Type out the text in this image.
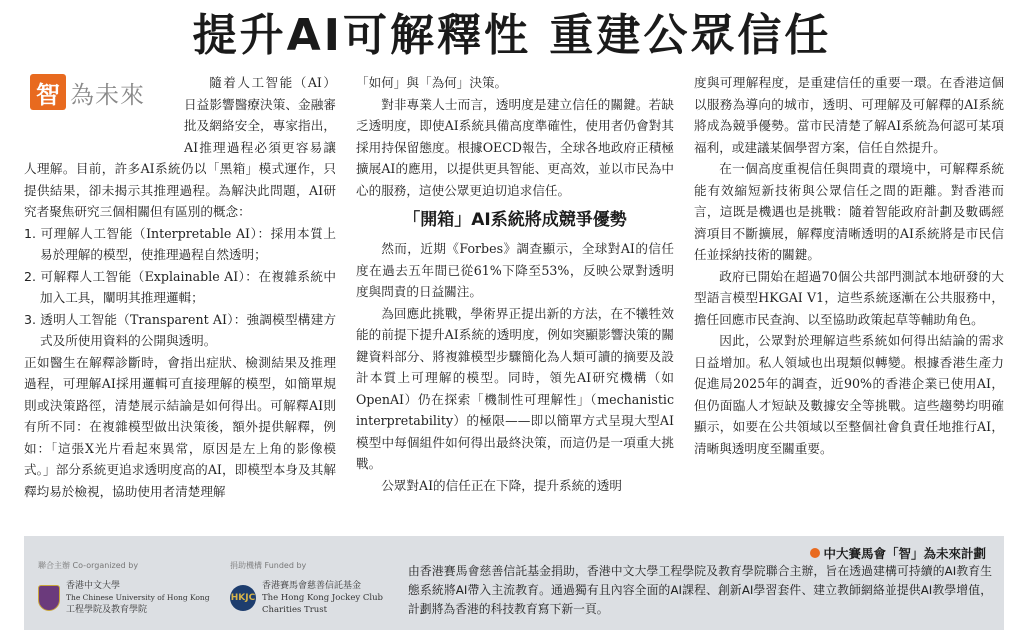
提升AI可解釋性 重建公眾信任
智 為未來	隨着人工智能（AI）日益影響醫療決策、金融審批及網絡安全，專家指出，AI推理過程必須更容易讓人理解。目前，許多AI系統仍以「黑箱」模式運作，只提供結果，卻未揭示其推理過程。為解決此問題，AI研究者聚焦研究三個相關但有區別的概念：

1. 可理解人工智能（Interpretable AI）：採用本質上易於理解的模型，使推理過程自然透明；
2. 可解釋人工智能（Explainable AI）：在複雜系統中加入工具，闡明其推理邏輯；
3. 透明人工智能（Transparent AI）：強調模型構建方式及所使用資料的公開與透明。

正如醫生在解釋診斷時，會指出症狀、檢測結果及推理過程，可理解AI採用邏輯可直接理解的模型，如簡單規則或決策路徑，清楚展示結論是如何得出。可解釋AI則有所不同：在複雜模型做出決策後，額外提供解釋，例如：「這張X光片看起來異常，原因是左上角的影像模式。」部分系統更追求透明度高的AI，即模型本身及其解釋均易於檢視，協助使用者清楚理解

「如何」與「為何」決策。

對非專業人士而言，透明度是建立信任的關鍵。若缺乏透明度，即使AI系統具備高度準確性，使用者仍會對其採用持保留態度。根據OECD報告，全球各地政府正積極擴展AI的應用，以提供更具智能、更高效，並以市民為中心的服務，這使公眾更迫切追求信任。

「開箱」AI系統將成競爭優勢

然而，近期《Forbes》調查顯示，全球對AI的信任度在過去五年間已從61%下降至53%，反映公眾對透明度與問責的日益關注。

為回應此挑戰，學術界正提出新的方法，在不犧牲效能的前提下提升AI系統的透明度，例如突顯影響決策的關鍵資料部分、將複雜模型步驟簡化為人類可讀的摘要及設計本質上可理解的模型。同時，領先AI研究機構（如OpenAI）仍在探索「機制性可理解性」（mechanistic interpretability）的極限——即以簡單方式呈現大型AI模型中每個組件如何得出最終決策，而這仍是一項重大挑戰。

公眾對AI的信任正在下降，提升系統的透明

度與可理解程度，是重建信任的重要一環。在香港這個以服務為導向的城市，透明、可理解及可解釋的AI系統將成為競爭優勢。當市民清楚了解AI系統為何認可某項福利，或建議某個學習方案，信任自然提升。

在一個高度重視信任與問責的環境中，可解釋系統能有效縮短新技術與公眾信任之間的距離。對香港而言，這既是機遇也是挑戰：隨着智能政府計劃及數碼經濟項目不斷擴展，解釋度清晰透明的AI系統將是市民信任並採納技術的關鍵。

政府已開始在超過70個公共部門測試本地研發的大型語言模型HKGAI V1，這些系統逐漸在公共服務中，擔任回應市民查詢、以至協助政策起草等輔助角色。

因此，公眾對於理解這些系統如何得出結論的需求日益增加。私人領域也出現類似轉變。根據香港生產力促進局2025年的調查，近90%的香港企業已使用AI，但仍面臨人才短缺及數據安全等挑戰。這些趨勢均明確顯示，如要在公共領域以至整個社會負責任地推行AI，清晰與透明度至關重要。

聯合主辦 Co-organized by	捐助機構 Funded by
香港中文大學
The Chinese University of Hong Kong
工程學院及教育學院
HKJC
香港賽馬會慈善信託基金
The Hong Kong Jockey Club
Charities Trust
中大賽馬會「智」為未來計劃
由香港賽馬會慈善信託基金捐助，香港中文大學工程學院及教育學院聯合主辦，旨在透過建構可持續的AI教育生態系統將AI帶入主流教育。通過獨有且內容全面的AI課程、創新AI學習套件、建立教師網絡並提供AI教學增值，計劃將為香港的科技教育寫下新一頁。
